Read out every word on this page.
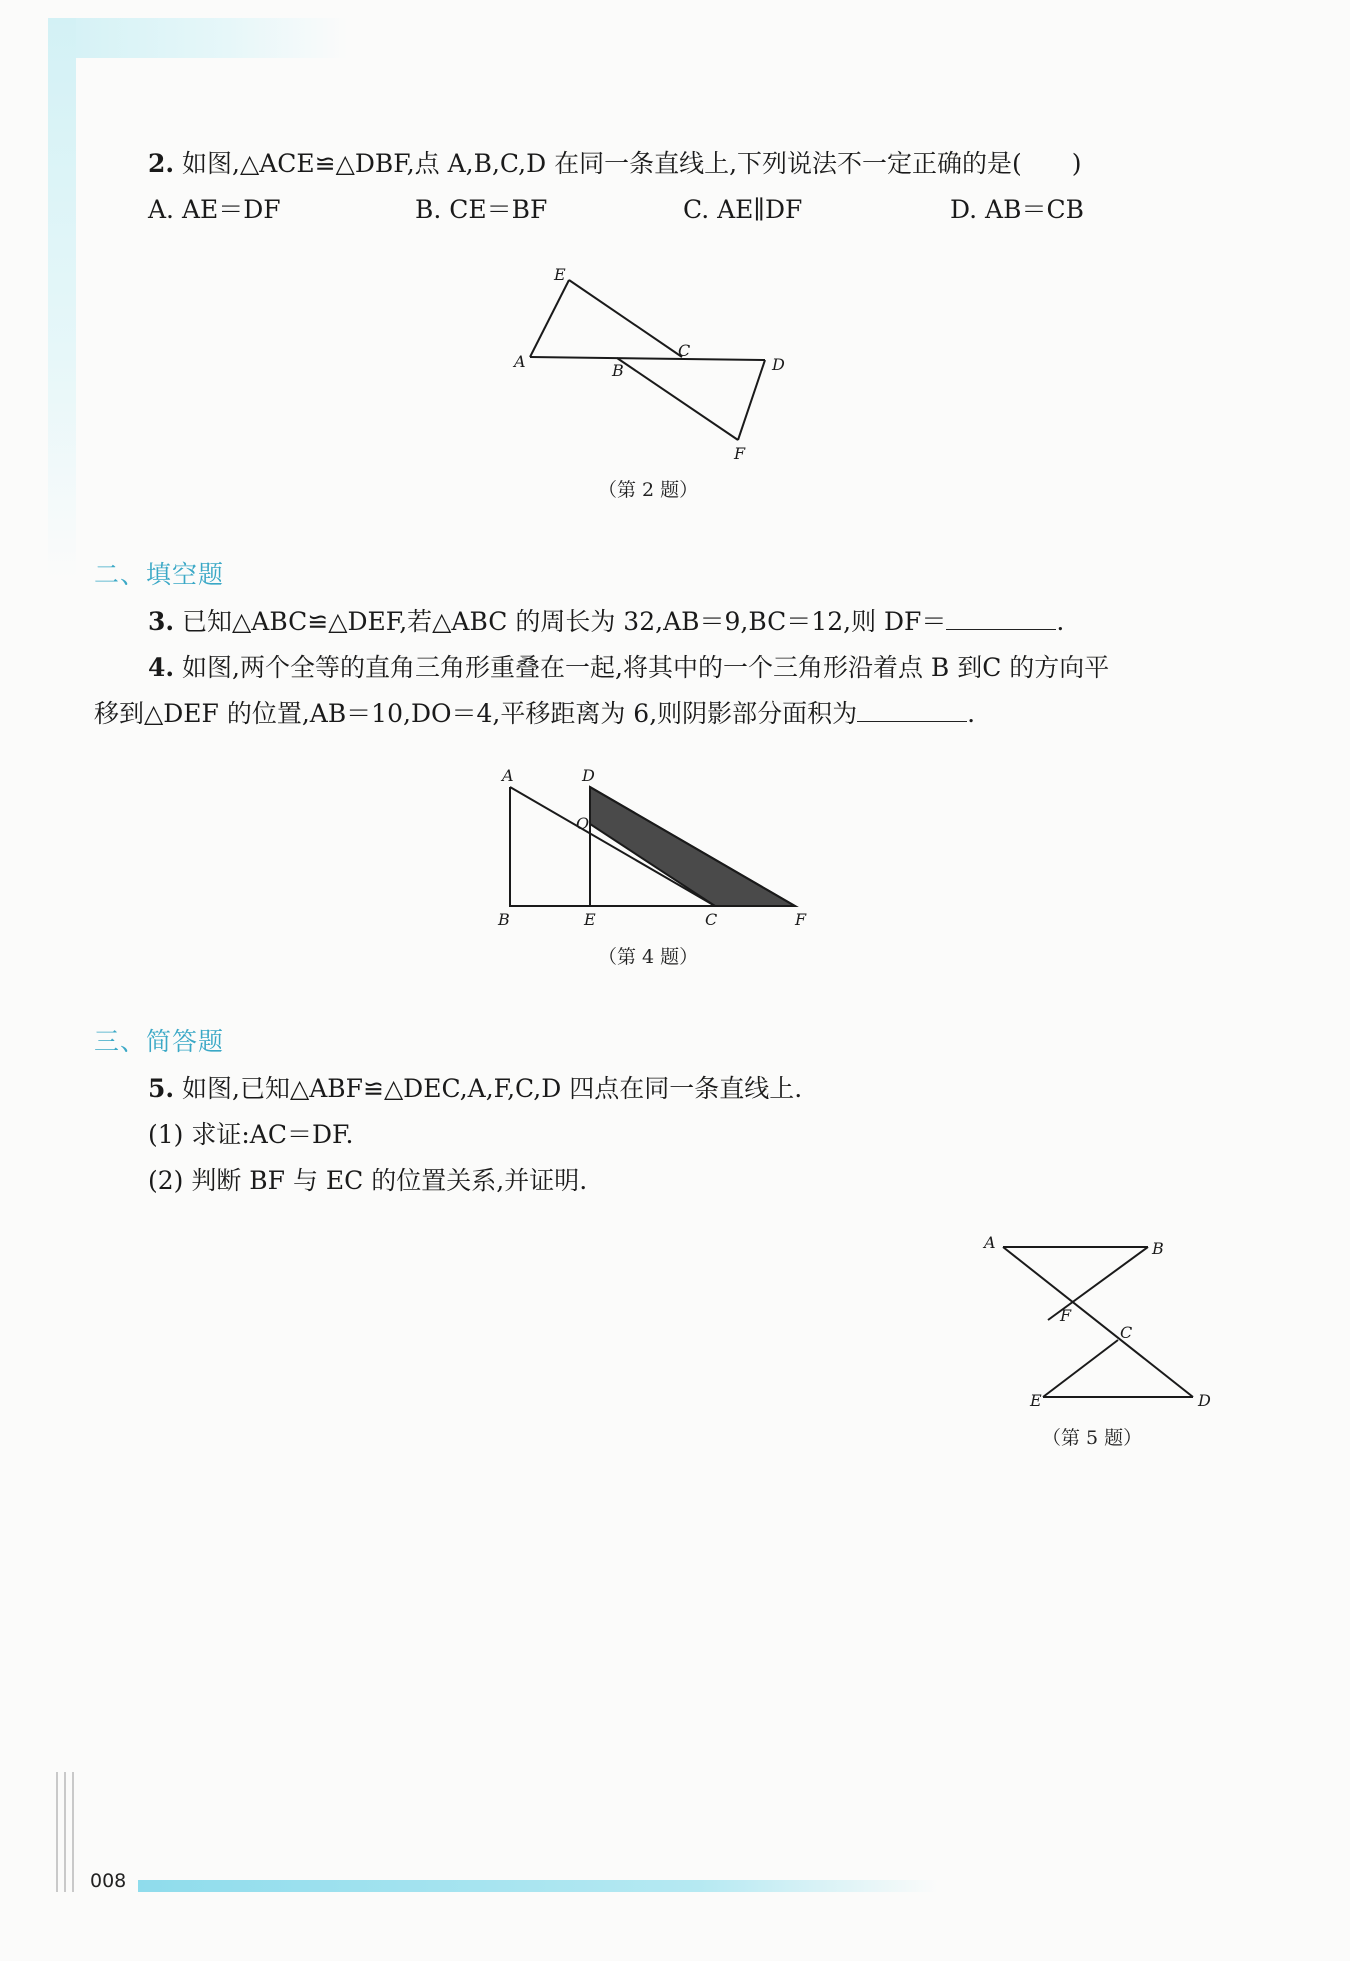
2. 如图,△ACE≌△DBF,点 A,B,C,D 在同一条直线上,下列说法不一定正确的是(　　)
A. AE＝DF	B. CE＝BF	C. AE∥DF	D. AB＝CB
E
A	B
C
D
F
（第 2 题）
二、填空题
3. 已知△ABC≌△DEF,若△ABC 的周长为 32,AB＝9,BC＝12,则 DF＝	.
4. 如图,两个全等的直角三角形重叠在一起,将其中的一个三角形沿着点 B 到C 的方向平
移到△DEF 的位置,AB＝10,DO＝4,平移距离为 6,则阴影部分面积为	.
A	D
O
B	E	C	F
（第 4 题）
三、简答题
5. 如图,已知△ABF≌△DEC,A,F,C,D 四点在同一条直线上.
(1) 求证:AC＝DF.
(2) 判断 BF 与 EC 的位置关系,并证明.
A	B
F
C
E	D
（第 5 题）
008
